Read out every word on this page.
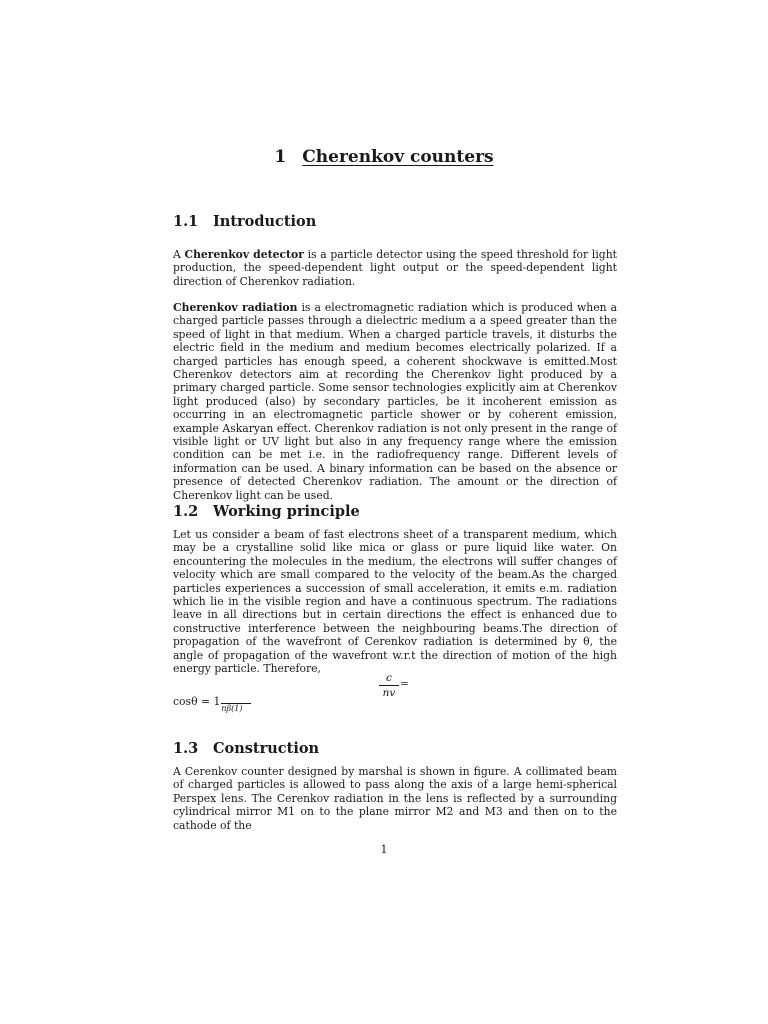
1 Cherenkov counters
1.1 Introduction
A Cherenkov detector is a particle detector using the speed threshold for light production, the speed-dependent light output or the speed-dependent light direction of Cherenkov radiation.
Cherenkov radiation is a electromagnetic radiation which is produced when a charged particle passes through a dielectric medium a a speed greater than the speed of light in that medium. When a charged particle travels, it disturbs the electric field in the medium and medium becomes electrically polarized. If a charged particles has enough speed, a coherent shockwave is emitted.Most Cherenkov detectors aim at recording the Cherenkov light produced by a primary charged particle. Some sensor technologies explicitly aim at Cherenkov light produced (also) by secondary particles, be it incoherent emission as occurring in an electromagnetic particle shower or by coherent emission, example Askaryan effect. Cherenkov radiation is not only present in the range of visible light or UV light but also in any frequency range where the emission condition can be met i.e. in the radiofrequency range. Different levels of information can be used. A binary information can be based on the absence or presence of detected Cherenkov radiation. The amount or the direction of Cherenkov light can be used.
1.2 Working principle
Let us consider a beam of fast electrons sheet of a transparent medium, which may be a crystalline solid like mica or glass or pure liquid like water. On encountering the molecules in the medium, the electrons will suffer changes of velocity which are small compared to the velocity of the beam.As the charged particles experiences a succession of small acceleration, it emits e.m. radiation which lie in the visible region and have a continuous spectrum. The radiations leave in all directions but in certain directions the effect is enhanced due to constructive interference between the neighbouring beams.The direction of propagation of the wavefront of Cerenkov radiation is determined by θ, the angle of propagation of the wavefront w.r.t the direction of motion of the high energy particle. Therefore,
c
nv
=
cosθ = 1
nβ(1)
1.3 Construction
A Cerenkov counter designed by marshal is shown in figure. A collimated beam of charged particles is allowed to pass along the axis of a large hemi-spherical Perspex lens. The Cerenkov radiation in the lens is reflected by a surrounding cylindrical mirror M1 on to the plane mirror M2 and M3 and then on to the cathode of the
1
